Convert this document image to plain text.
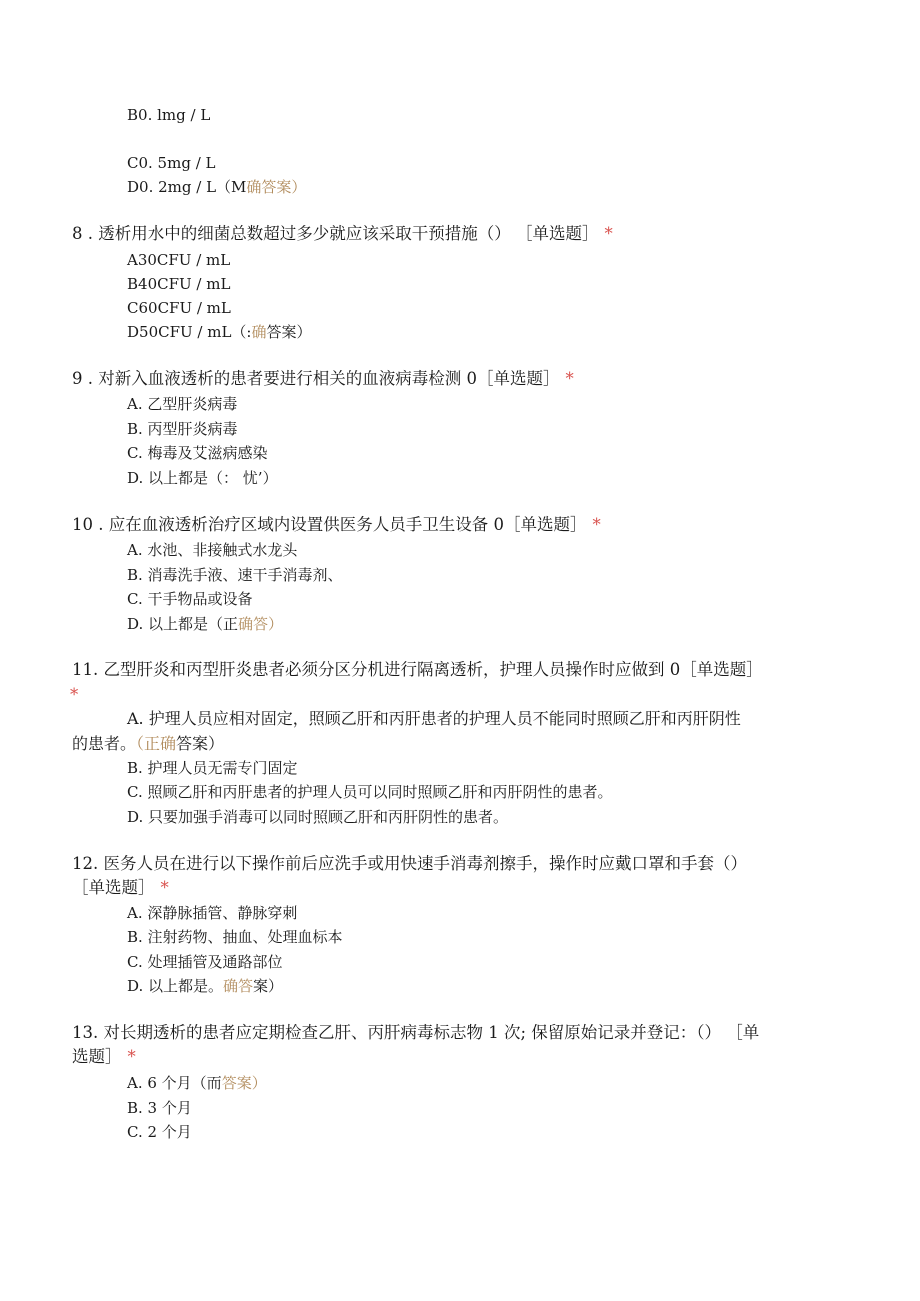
B0. lmg / L
C0. 5mg / L
D0. 2mg / L（M确答案）
8 . 透析用水中的细菌总数超过多少就应该采取干预措施（） ［单选题］ *
A30CFU / mL
B40CFU / mL
C60CFU / mL
D50CFU / mL（:确答案）
9 . 对新入血液透析的患者要进行相关的血液病毒检测 0［单选题］ *
A. 乙型肝炎病毒
B. 丙型肝炎病毒
C. 梅毒及艾滋病感染
D. 以上都是（： 忧’）
10 . 应在血液透析治疗区域内设置供医务人员手卫生设备 0［单选题］ *
A. 水池、非接触式水龙头
B. 消毒洗手液、速干手消毒剂、
C. 干手物品或设备
D. 以上都是（正确答）
11. 乙型肝炎和丙型肝炎患者必须分区分机进行隔离透析，护理人员操作时应做到 0［单选题］
*
A. 护理人员应相对固定，照顾乙肝和丙肝患者的护理人员不能同时照顾乙肝和丙肝阴性
的患者。（正确答案）
B. 护理人员无需专门固定
C. 照顾乙肝和丙肝患者的护理人员可以同时照顾乙肝和丙肝阴性的患者。
D. 只要加强手消毒可以同时照顾乙肝和丙肝阴性的患者。
12. 医务人员在进行以下操作前后应洗手或用快速手消毒剂擦手，操作时应戴口罩和手套（）
［单选题］ *
A. 深静脉插管、静脉穿刺
B. 注射药物、抽血、处理血标本
C. 处理插管及通路部位
D. 以上都是。确答案）
13. 对长期透析的患者应定期检查乙肝、丙肝病毒标志物 1 次; 保留原始记录并登记：（） ［单
选题］ *
A. 6 个月（而答案）
B. 3 个月
C. 2 个月
